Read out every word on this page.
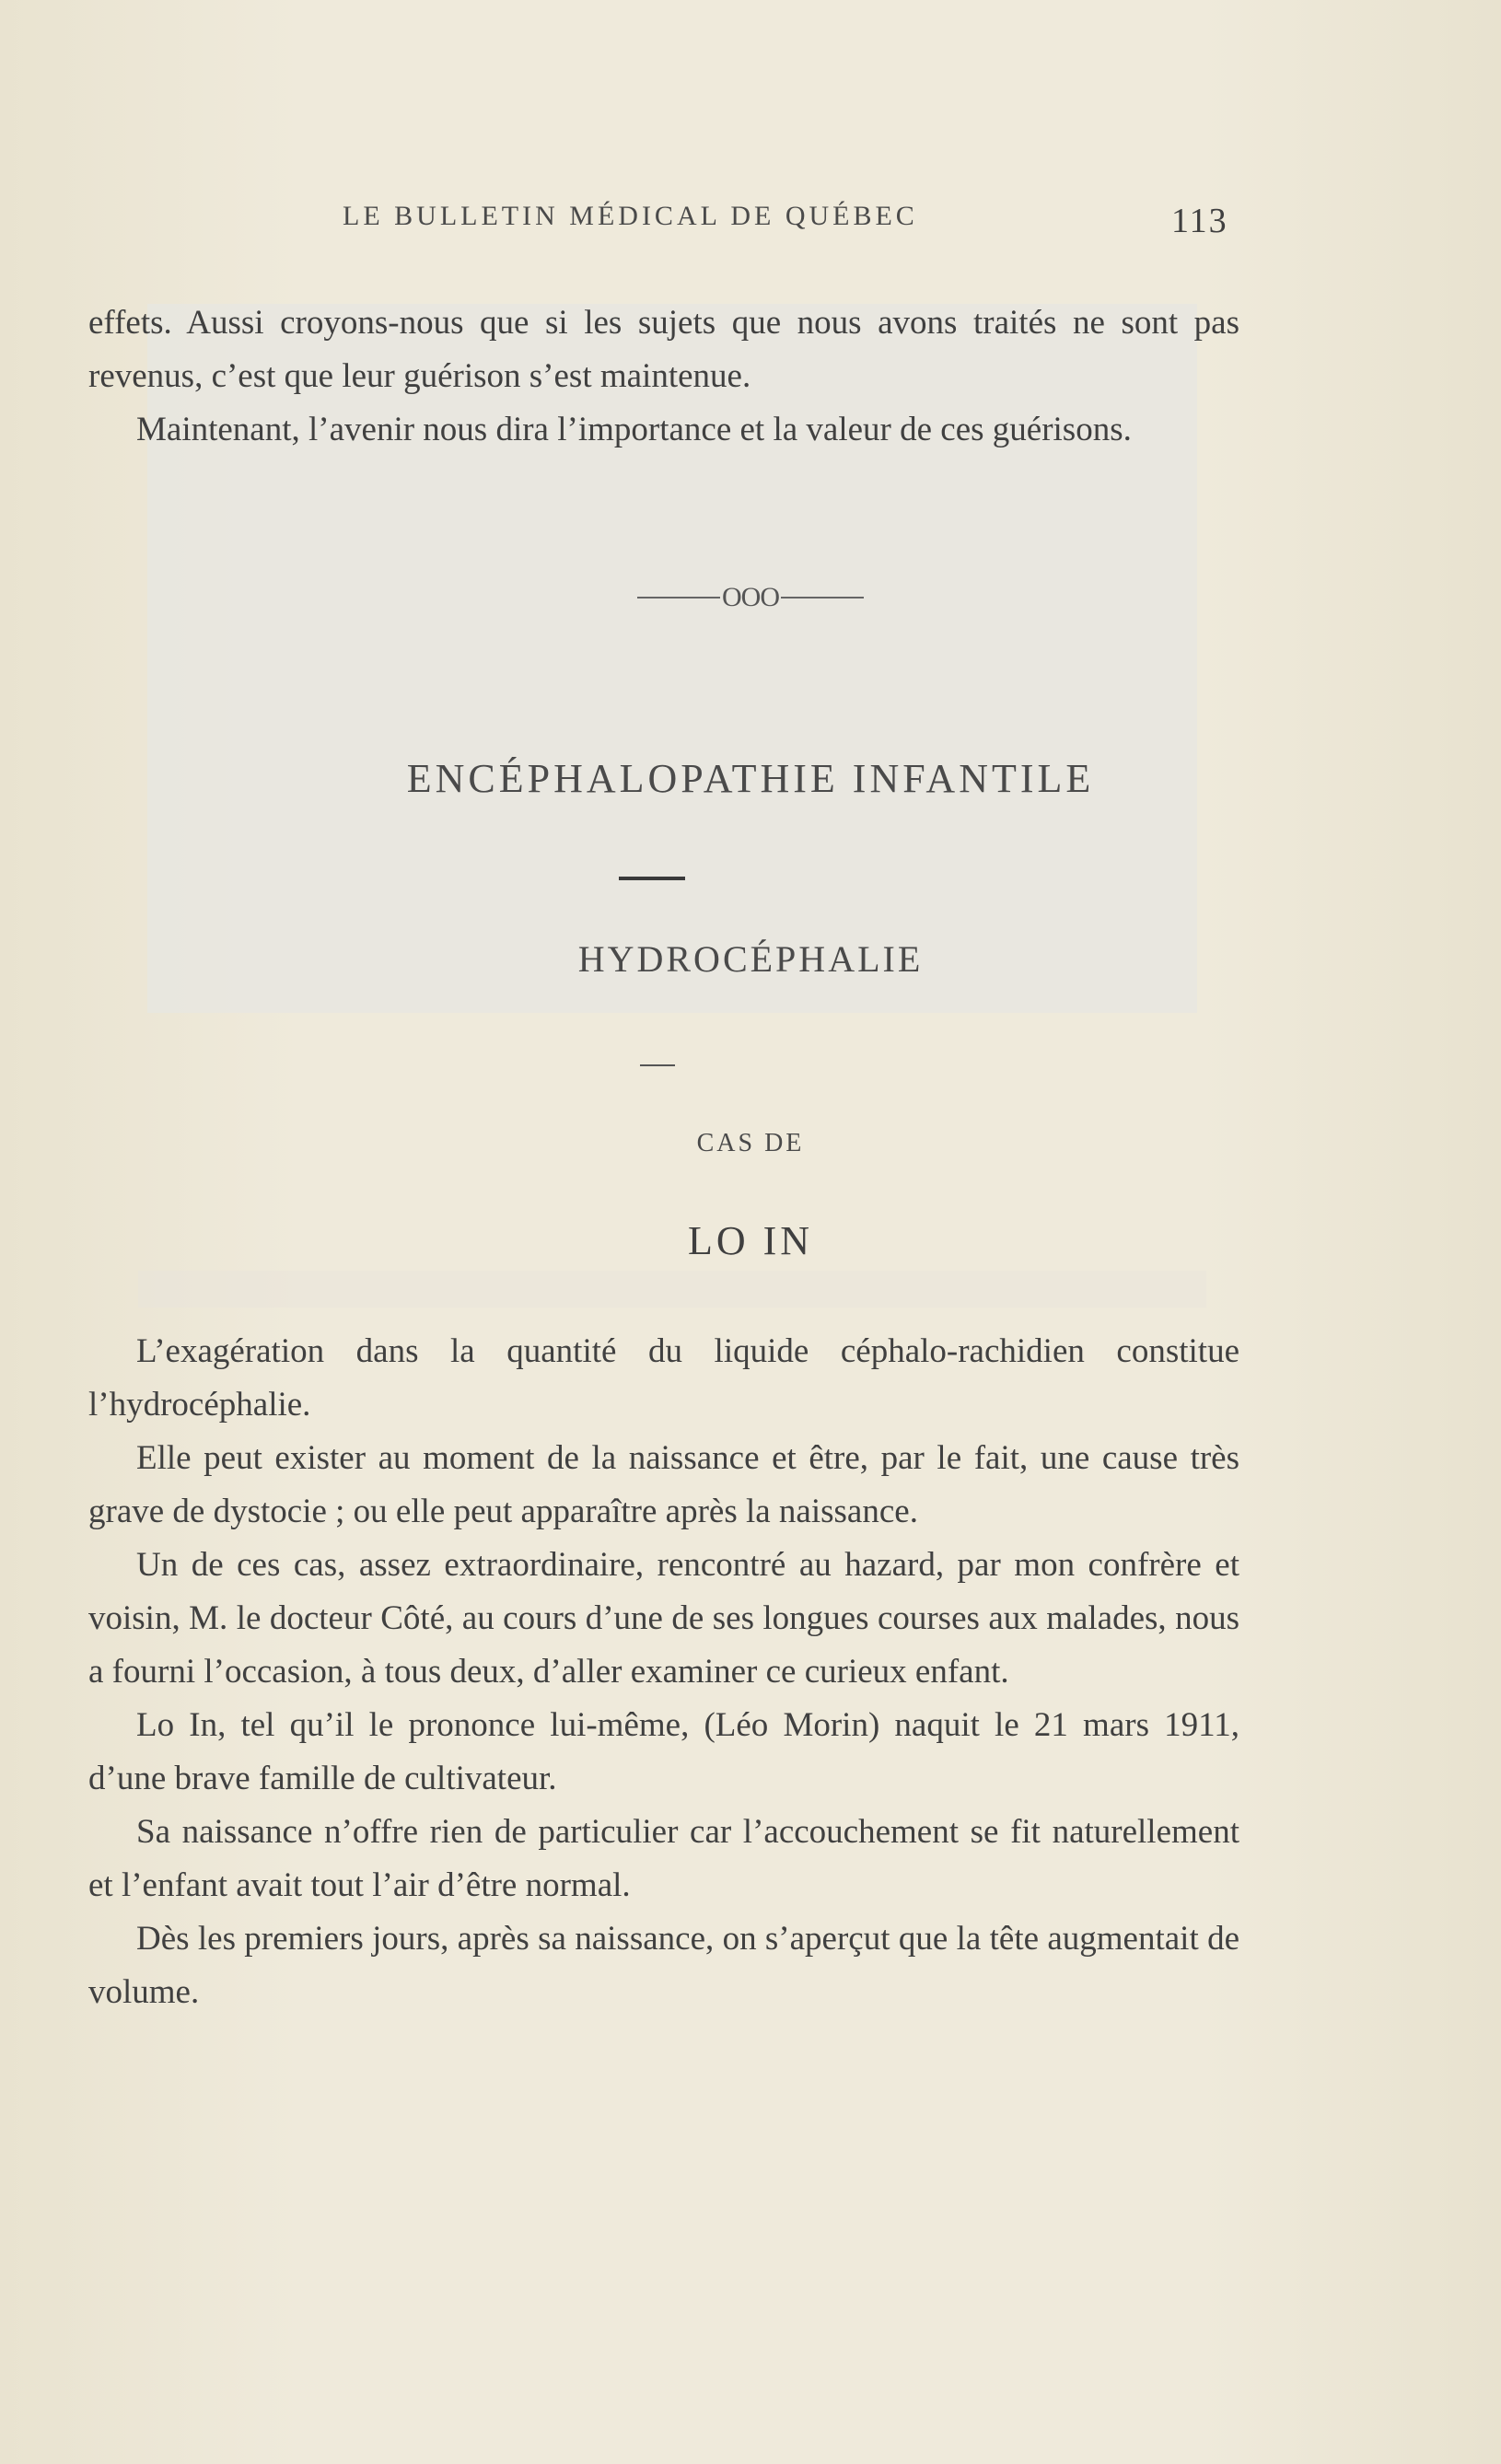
LE BULLETIN MÉDICAL DE QUÉBEC	113

effets. Aussi croyons-nous que si les sujets que nous avons traités ne sont pas revenus, c’est que leur guérison s’est maintenue.

Maintenant, l’avenir nous dira l’importance et la valeur de ces guérisons.

OOO
ENCÉPHALOPATHIE INFANTILE
HYDROCÉPHALIE
CAS DE
LO IN

L’exagération dans la quantité du liquide céphalo-rachidien constitue l’hydrocéphalie.

Elle peut exister au moment de la naissance et être, par le fait, une cause très grave de dystocie ; ou elle peut apparaître après la naissance.

Un de ces cas, assez extraordinaire, rencontré au hazard, par mon confrère et voisin, M. le docteur Côté, au cours d’une de ses longues courses aux malades, nous a fourni l’occasion, à tous deux, d’aller examiner ce curieux enfant.

Lo In, tel qu’il le prononce lui-même, (Léo Morin) naquit le 21 mars 1911, d’une brave famille de cultivateur.

Sa naissance n’offre rien de particulier car l’accouchement se fit naturellement et l’enfant avait tout l’air d’être normal.

Dès les premiers jours, après sa naissance, on s’aperçut que la tête augmentait de volume.
